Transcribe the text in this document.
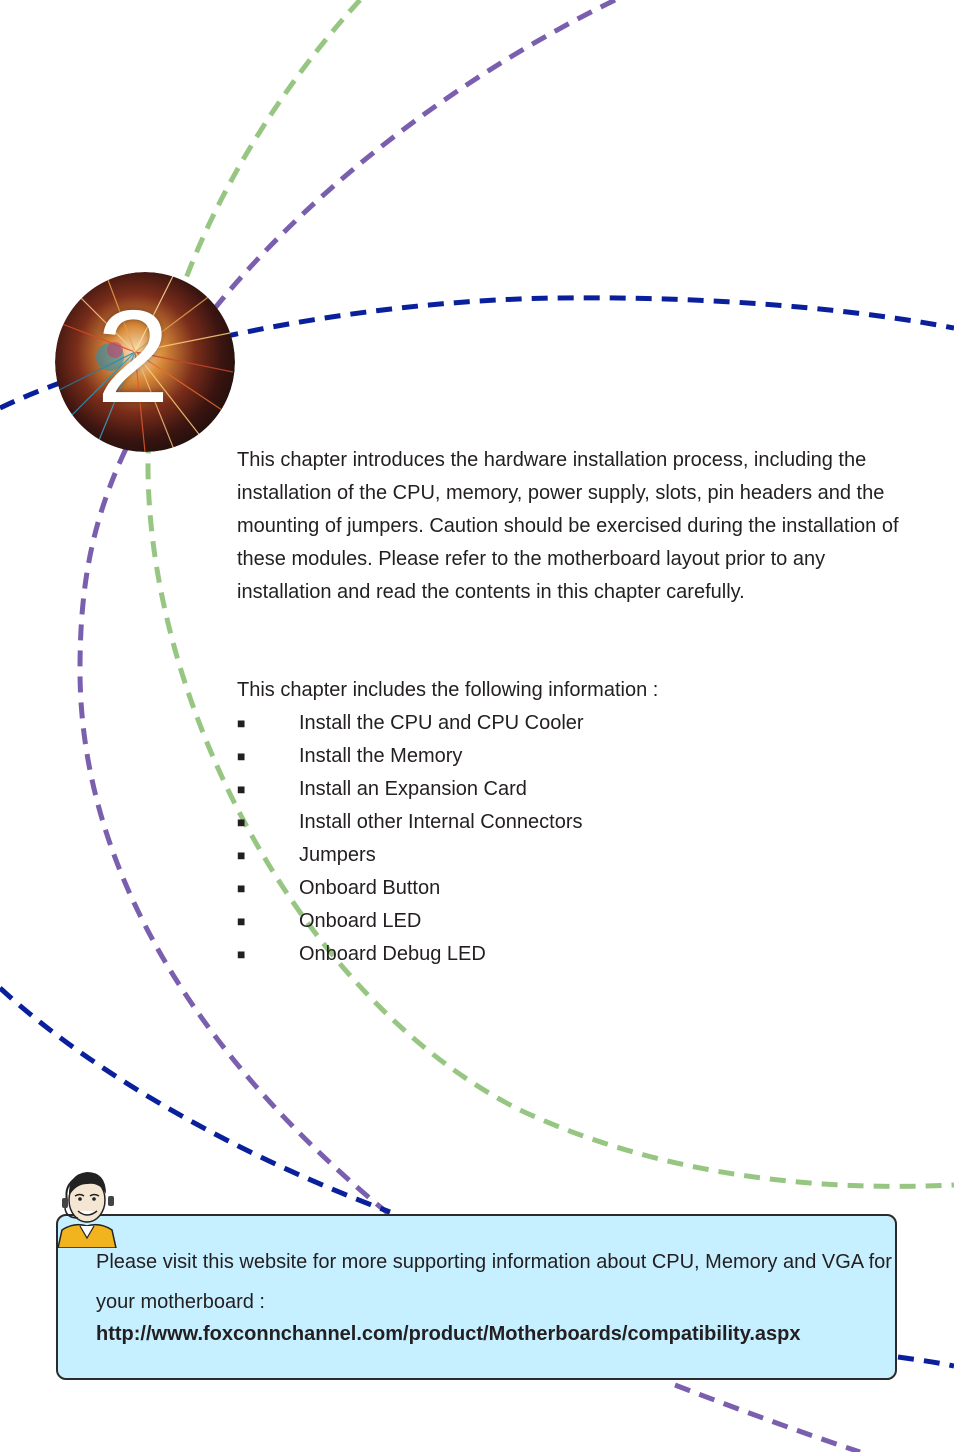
2

This chapter introduces the hardware installation process, including the installation of the CPU, memory, power supply, slots, pin headers and the mounting of jumpers. Caution should be exercised during the installation of these modules. Please refer to the motherboard layout prior to any installation and read the contents in this chapter carefully.

This chapter includes the following information :

■	Install the CPU and CPU Cooler
■	Install the Memory
■	Install an Expansion Card
■	Install other Internal Connectors
■	Jumpers
■	Onboard Button
■	Onboard LED
■	Onboard Debug LED

Please visit this website for more supporting information about CPU, Memory and VGA for your motherboard :

http://www.foxconnchannel.com/product/Motherboards/compatibility.aspx
